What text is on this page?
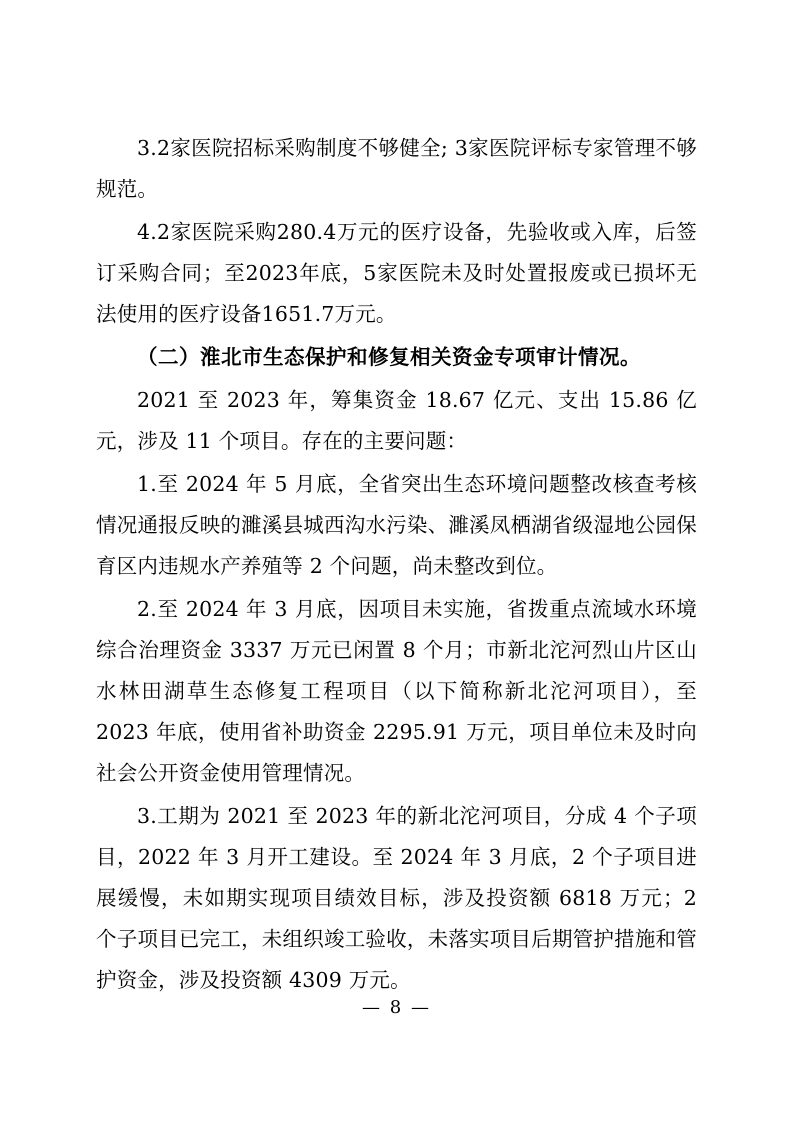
3.2家医院招标采购制度不够健全; 3家医院评标专家管理不够规范。

4.2家医院采购280.4万元的医疗设备，先验收或入库，后签订采购合同；至2023年底，5家医院未及时处置报废或已损坏无法使用的医疗设备1651.7万元。

（二）淮北市生态保护和修复相关资金专项审计情况。

2021 至 2023 年，筹集资金 18.67 亿元、支出 15.86 亿元，涉及 11 个项目。存在的主要问题：

1.至 2024 年 5 月底，全省突出生态环境问题整改核查考核情况通报反映的濉溪县城西沟水污染、濉溪凤栖湖省级湿地公园保育区内违规水产养殖等 2 个问题，尚未整改到位。

2.至 2024 年 3 月底，因项目未实施，省拨重点流域水环境综合治理资金 3337 万元已闲置 8 个月；市新北沱河烈山片区山水林田湖草生态修复工程项目（以下简称新北沱河项目），至 2023 年底，使用省补助资金 2295.91 万元，项目单位未及时向社会公开资金使用管理情况。

3.工期为 2021 至 2023 年的新北沱河项目，分成 4 个子项目，2022 年 3 月开工建设。至 2024 年 3 月底，2 个子项目进展缓慢，未如期实现项目绩效目标，涉及投资额 6818 万元；2 个子项目已完工，未组织竣工验收，未落实项目后期管护措施和管护资金，涉及投资额 4309 万元。

— 8 —
